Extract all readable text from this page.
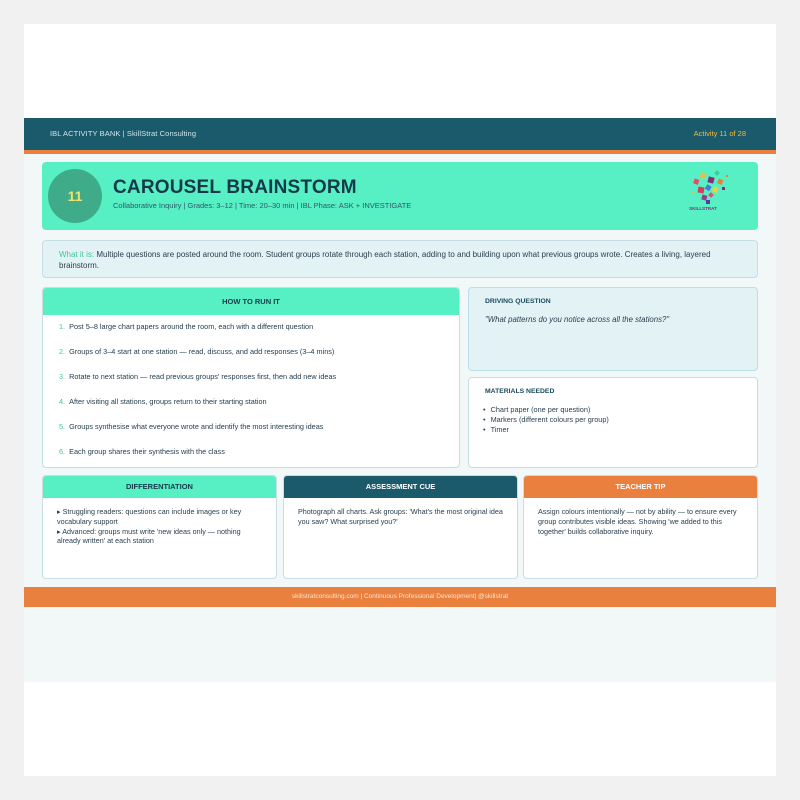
IBL ACTIVITY BANK | SkillStrat Consulting	Activity 11 of 28
11	CAROUSEL BRAINSTORM
Collaborative Inquiry | Grades: 3–12 | Time: 20–30 min | IBL Phase: ASK + INVESTIGATE	SKILLSTRAT
What it is: Multiple questions are posted around the room. Student groups rotate through each station, adding to and building upon what previous groups wrote. Creates a living, layered brainstorm.
HOW TO RUN IT
1. Post 5–8 large chart papers around the room, each with a different question
2. Groups of 3–4 start at one station — read, discuss, and add responses (3–4 mins)
3. Rotate to next station — read previous groups' responses first, then add new ideas
4. After visiting all stations, groups return to their starting station
5. Groups synthesise what everyone wrote and identify the most interesting ideas
6. Each group shares their synthesis with the class
DRIVING QUESTION
"What patterns do you notice across all the stations?"
MATERIALS NEEDED
• Chart paper (one per question)
• Markers (different colours per group)
• Timer
DIFFERENTIATION
▸ Struggling readers: questions can include images or key vocabulary support
▸ Advanced: groups must write 'new ideas only — nothing already written' at each station
ASSESSMENT CUE
Photograph all charts. Ask groups: 'What's the most original idea you saw? What surprised you?'
TEACHER TIP
Assign colours intentionally — not by ability — to ensure every group contributes visible ideas. Showing 'we added to this together' builds collaborative inquiry.
skillstratconsulting.com | Continuous Professional Development| @skillstrat
